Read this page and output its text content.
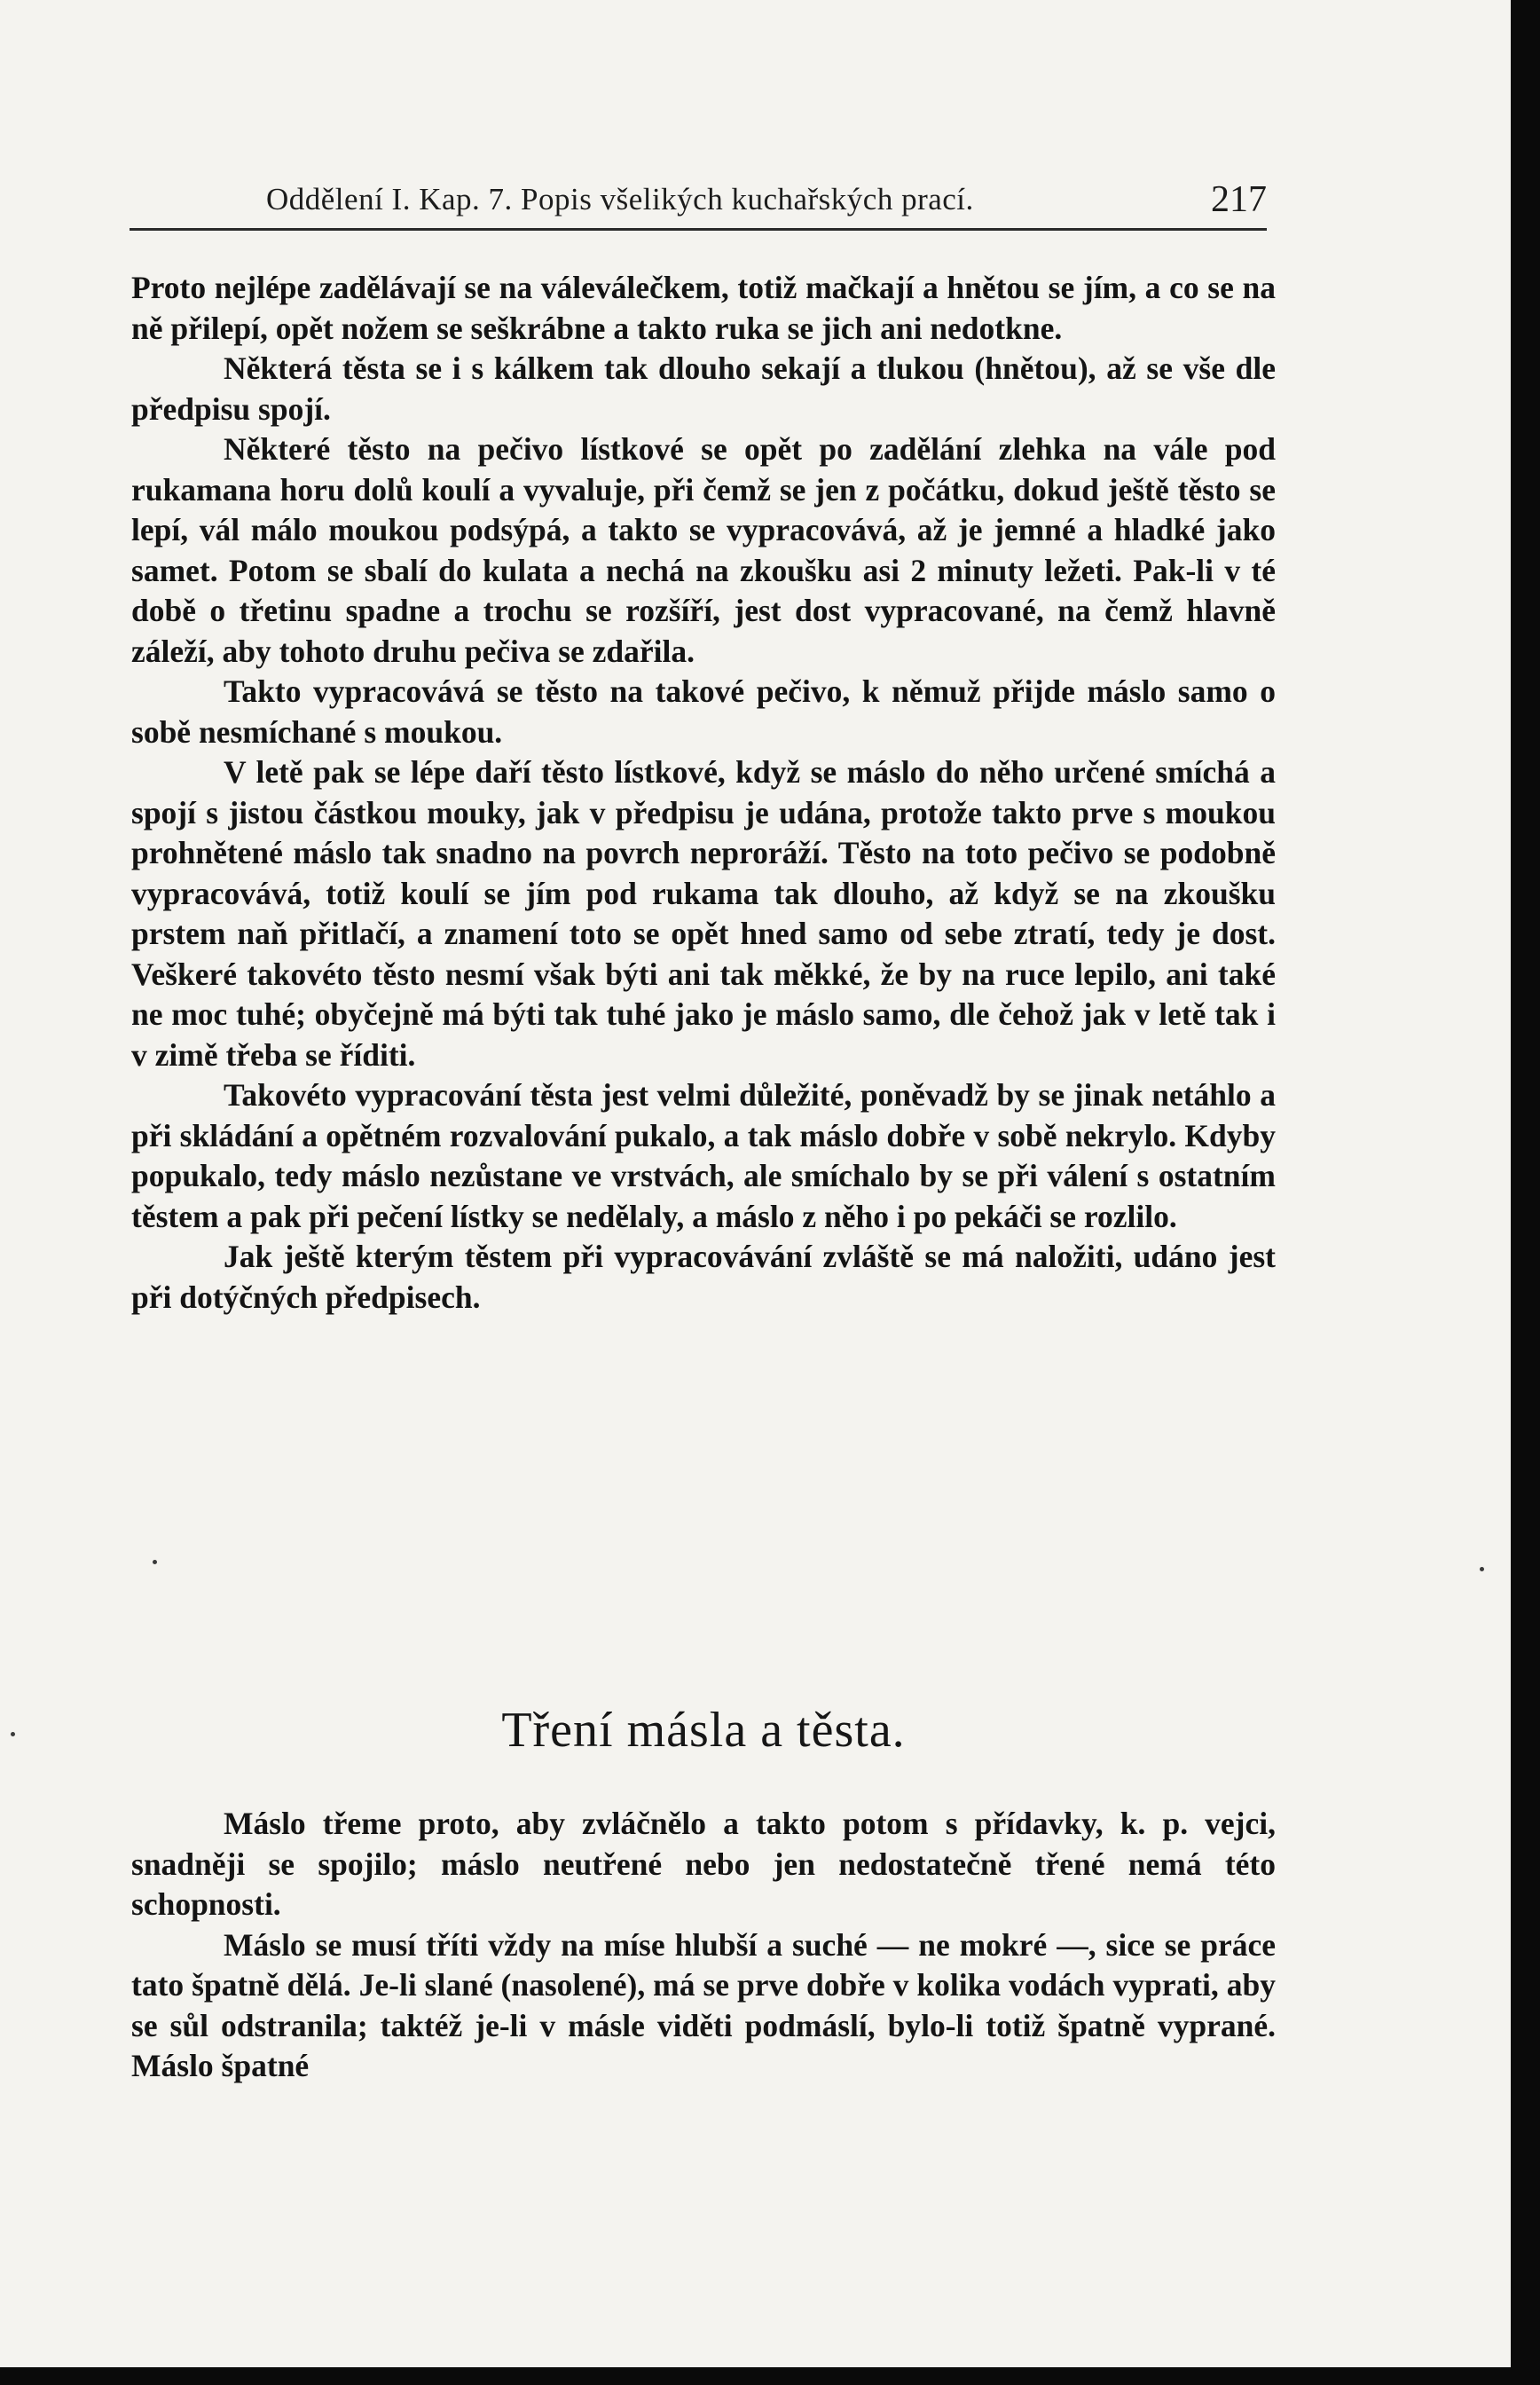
Oddělení I. Kap. 7. Popis všelikých kuchařských prací.	217

Proto nejlépe zadělávají se na váleválečkem, totiž mačkají a hnětou se jím, a co se na ně přilepí, opět nožem se seškrábne a takto ruka se jich ani nedotkne.

Některá těsta se i s kálkem tak dlouho sekají a tlukou (hnětou), až se vše dle předpisu spojí.

Některé těsto na pečivo lístkové se opět po zadělání zlehka na vále pod rukamana horu dolů koulí a vyvaluje, při čemž se jen z počátku, dokud ještě těsto se lepí, vál málo moukou podsýpá, a takto se vypracovává, až je jemné a hladké jako samet. Potom se sbalí do kulata a nechá na zkoušku asi 2 minuty ležeti. Pak-li v té době o třetinu spadne a trochu se rozšíří, jest dost vypracované, na čemž hlavně záleží, aby tohoto druhu pečiva se zdařila.

Takto vypracovává se těsto na takové pečivo, k němuž přijde máslo samo o sobě nesmíchané s moukou.

V letě pak se lépe daří těsto lístkové, když se máslo do něho určené smíchá a spojí s jistou částkou mouky, jak v předpisu je udána, protože takto prve s moukou prohnětené máslo tak snadno na povrch neproráží. Těsto na toto pečivo se podobně vypracovává, totiž koulí se jím pod rukama tak dlouho, až když se na zkoušku prstem naň přitlačí, a znamení toto se opět hned samo od sebe ztratí, tedy je dost. Veškeré takovéto těsto nesmí však býti ani tak měkké, že by na ruce lepilo, ani také ne moc tuhé; obyčejně má býti tak tuhé jako je máslo samo, dle čehož jak v letě tak i v zimě třeba se říditi.

Takovéto vypracování těsta jest velmi důležité, poněvadž by se jinak netáhlo a při skládání a opětném rozvalování pukalo, a tak máslo dobře v sobě nekrylo. Kdyby popukalo, tedy máslo nezůstane ve vrstvách, ale smíchalo by se při válení s ostatním těstem a pak při pečení lístky se nedělaly, a máslo z něho i po pekáči se rozlilo.

Jak ještě kterým těstem při vypracovávání zvláště se má naložiti, udáno jest při dotýčných předpisech.

Tření másla a těsta.

Máslo třeme proto, aby zvláčnělo a takto potom s přídavky, k. p. vejci, snadněji se spojilo; máslo neutřené nebo jen nedostatečně třené nemá této schopnosti.

Máslo se musí tříti vždy na míse hlubší a suché — ne mokré —, sice se práce tato špatně dělá. Je-li slané (nasolené), má se prve dobře v kolika vodách vyprati, aby se sůl odstranila; taktéž je-li v másle viděti podmáslí, bylo-li totiž špatně vyprané. Máslo špatné
